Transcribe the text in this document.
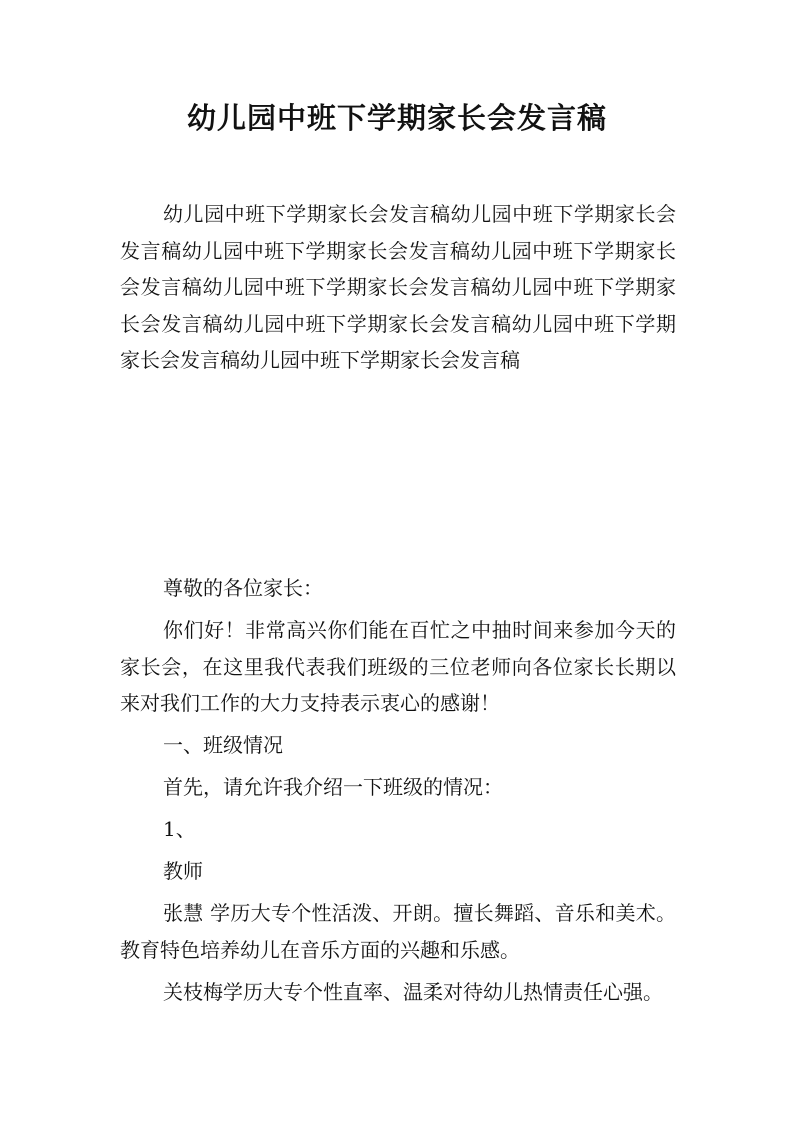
幼儿园中班下学期家长会发言稿

幼儿园中班下学期家长会发言稿幼儿园中班下学期家长会发言稿幼儿园中班下学期家长会发言稿幼儿园中班下学期家长会发言稿幼儿园中班下学期家长会发言稿幼儿园中班下学期家长会发言稿幼儿园中班下学期家长会发言稿幼儿园中班下学期家长会发言稿幼儿园中班下学期家长会发言稿

尊敬的各位家长：

你们好！非常高兴你们能在百忙之中抽时间来参加今天的家长会，在这里我代表我们班级的三位老师向各位家长长期以来对我们工作的大力支持表示衷心的感谢！

一、班级情况

首先，请允许我介绍一下班级的情况：

1、

教师

张慧 学历大专个性活泼、开朗。擅长舞蹈、音乐和美术。教育特色培养幼儿在音乐方面的兴趣和乐感。

关枝梅学历大专个性直率、温柔对待幼儿热情责任心强。
